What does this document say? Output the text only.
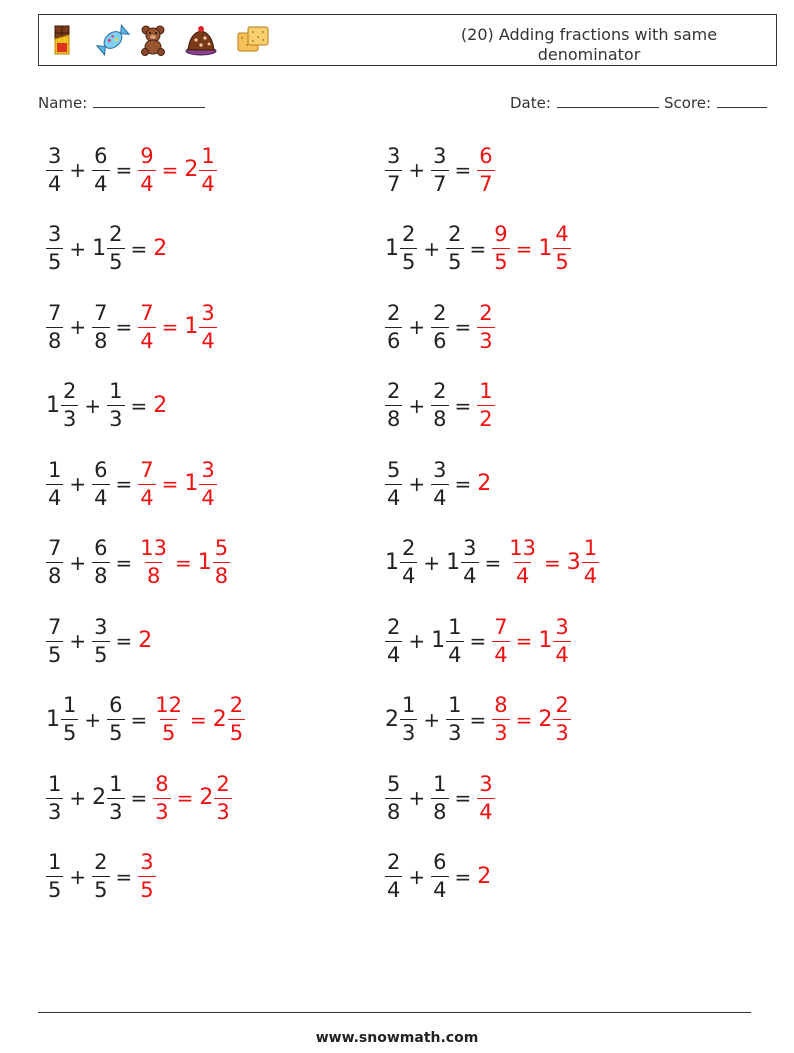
(20) Adding fractions with same denominator
Name:	Date:	Score:
$\frac{3}{4} + \frac{6}{4} = \frac{9}{4} = 2 \frac{1}{4}$	$\frac{3}{7} + \frac{3}{7} = \frac{6}{7}$
$\frac{3}{5} + 1 \frac{2}{5} = 2$	$1 \frac{2}{5} + \frac{2}{5} = \frac{9}{5} = 1 \frac{4}{5}$
$\frac{7}{8} + \frac{7}{8} = \frac{7}{4} = 1 \frac{3}{4}$	$\frac{2}{6} + \frac{2}{6} = \frac{2}{3}$
$1 \frac{2}{3} + \frac{1}{3} = 2$	$\frac{2}{8} + \frac{2}{8} = \frac{1}{2}$
$\frac{1}{4} + \frac{6}{4} = \frac{7}{4} = 1 \frac{3}{4}$	$\frac{5}{4} + \frac{3}{4} = 2$
$\frac{7}{8} + \frac{6}{8} = \frac{13}{8} = 1 \frac{5}{8}$	$1 \frac{2}{4} + 1 \frac{3}{4} = \frac{13}{4} = 3 \frac{1}{4}$
$\frac{7}{5} + \frac{3}{5} = 2$	$\frac{2}{4} + 1 \frac{1}{4} = \frac{7}{4} = 1 \frac{3}{4}$
$1 \frac{1}{5} + \frac{6}{5} = \frac{12}{5} = 2 \frac{2}{5}$	$2 \frac{1}{3} + \frac{1}{3} = \frac{8}{3} = 2 \frac{2}{3}$
$\frac{1}{3} + 2 \frac{1}{3} = \frac{8}{3} = 2 \frac{2}{3}$	$\frac{5}{8} + \frac{1}{8} = \frac{3}{4}$
$\frac{1}{5} + \frac{2}{5} = \frac{3}{5}$	$\frac{2}{4} + \frac{6}{4} = 2$
www.snowmath.com
